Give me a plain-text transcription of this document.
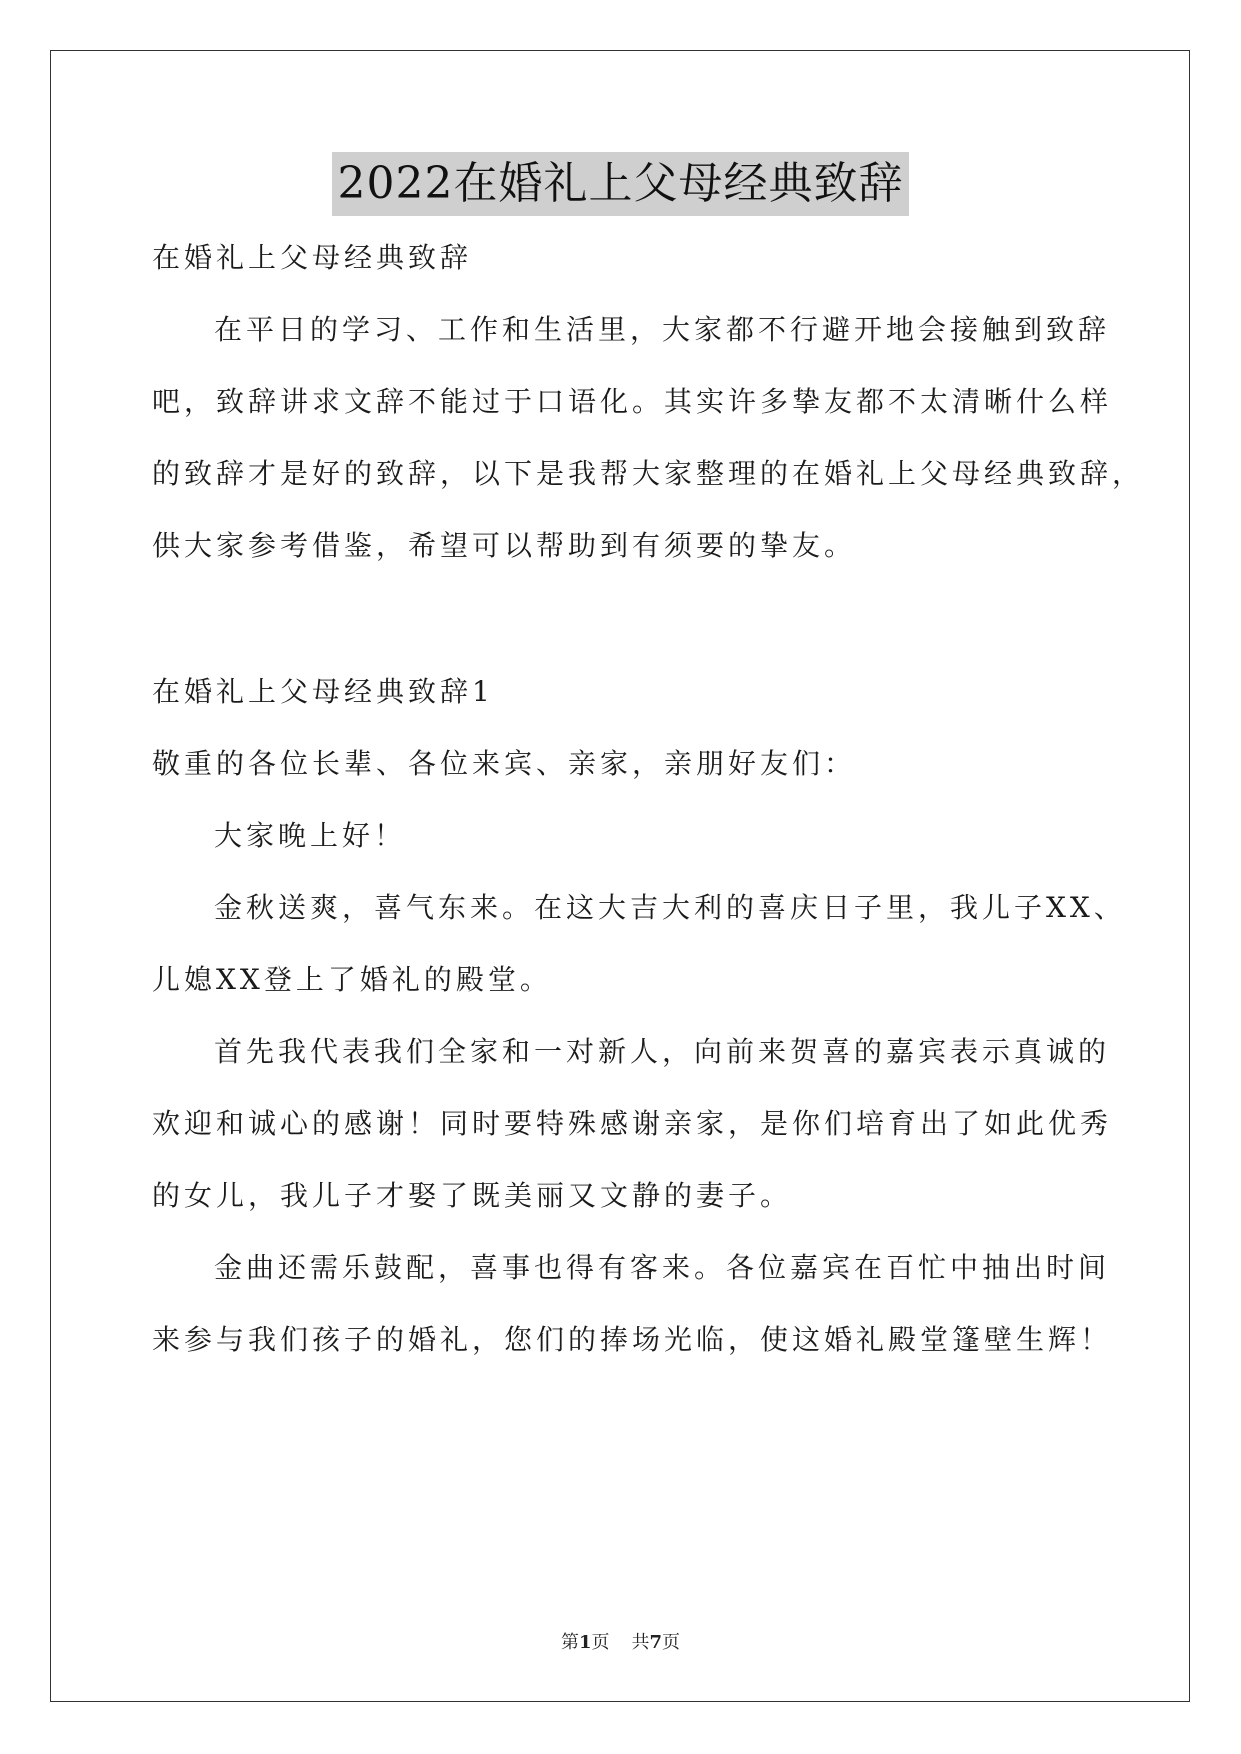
2022在婚礼上父母经典致辞
在婚礼上父母经典致辞
在平日的学习、工作和生活里，大家都不行避开地会接触到致辞
吧，致辞讲求文辞不能过于口语化。其实许多挚友都不太清晰什么样
的致辞才是好的致辞，以下是我帮大家整理的在婚礼上父母经典致辞，
供大家参考借鉴，希望可以帮助到有须要的挚友。
在婚礼上父母经典致辞1
敬重的各位长辈、各位来宾、亲家，亲朋好友们：
大家晚上好！
金秋送爽，喜气东来。在这大吉大利的喜庆日子里，我儿子XX、
儿媳XX登上了婚礼的殿堂。
首先我代表我们全家和一对新人，向前来贺喜的嘉宾表示真诚的
欢迎和诚心的感谢！同时要特殊感谢亲家，是你们培育出了如此优秀
的女儿，我儿子才娶了既美丽又文静的妻子。
金曲还需乐鼓配，喜事也得有客来。各位嘉宾在百忙中抽出时间
来参与我们孩子的婚礼，您们的捧场光临，使这婚礼殿堂篷壁生辉！
第1页 共7页
